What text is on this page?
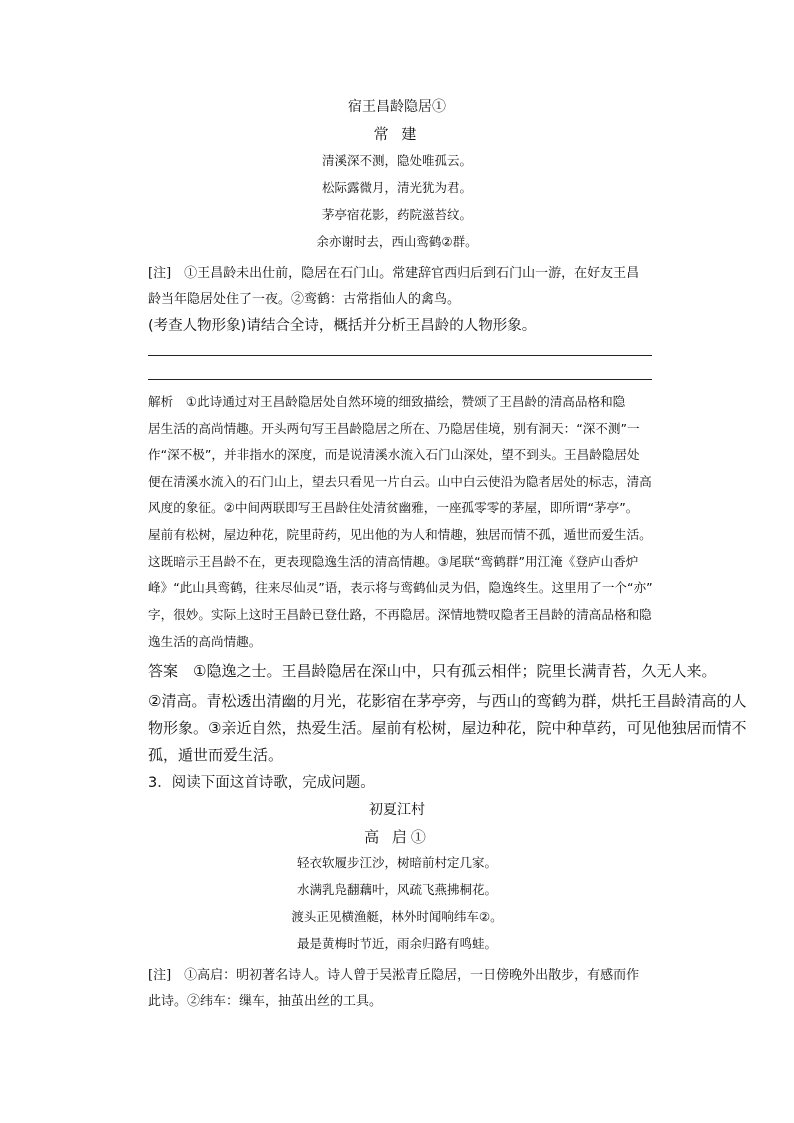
宿王昌龄隐居①
常 建
清溪深不测，隐处唯孤云。
松际露微月，清光犹为君。
茅亭宿花影，药院滋苔纹。
余亦谢时去，西山鸾鹤②群。
[注]　①王昌龄未出仕前，隐居在石门山。常建辞官西归后到石门山一游，在好友王昌
龄当年隐居处住了一夜。②鸾鹤：古常指仙人的禽鸟。
(考查人物形象)请结合全诗，概括并分析王昌龄的人物形象。
解析　①此诗通过对王昌龄隐居处自然环境的细致描绘，赞颂了王昌龄的清高品格和隐
居生活的高尚情趣。开头两句写王昌龄隐居之所在、乃隐居佳境，别有洞天：“深不测”一
作“深不极”，并非指水的深度，而是说清溪水流入石门山深处，望不到头。王昌龄隐居处
便在清溪水流入的石门山上，望去只看见一片白云。山中白云使沿为隐者居处的标志，清高
风度的象征。②中间两联即写王昌龄住处清贫幽雅，一座孤零零的茅屋，即所谓“茅亭”。
屋前有松树，屋边种花，院里莳药，见出他的为人和情趣，独居而情不孤，遁世而爱生活。
这既暗示王昌龄不在，更表现隐逸生活的清高情趣。③尾联“鸾鹤群”用江淹《登庐山香炉
峰》“此山具鸾鹤，往来尽仙灵”语，表示将与鸾鹤仙灵为侣，隐逸终生。这里用了一个“亦”
字，很妙。实际上这时王昌龄已登仕路，不再隐居。深情地赞叹隐者王昌龄的清高品格和隐
逸生活的高尚情趣。
答案　①隐逸之士。王昌龄隐居在深山中，只有孤云相伴；院里长满青苔，久无人来。
②清高。青松透出清幽的月光，花影宿在茅亭旁，与西山的鸾鹤为群，烘托王昌龄清高的人
物形象。③亲近自然，热爱生活。屋前有松树，屋边种花，院中种草药，可见他独居而情不
孤，遁世而爱生活。
3．阅读下面这首诗歌，完成问题。
初夏江村
高 启①
轻衣软履步江沙，树暗前村定几家。
水满乳凫翻藕叶，风疏飞燕拂桐花。
渡头正见横渔艇，林外时闻响纬车②。
最是黄梅时节近，雨余归路有鸣蛙。
[注]　①高启：明初著名诗人。诗人曾于吴淞青丘隐居，一日傍晚外出散步，有感而作
此诗。②纬车：缫车，抽茧出丝的工具。
